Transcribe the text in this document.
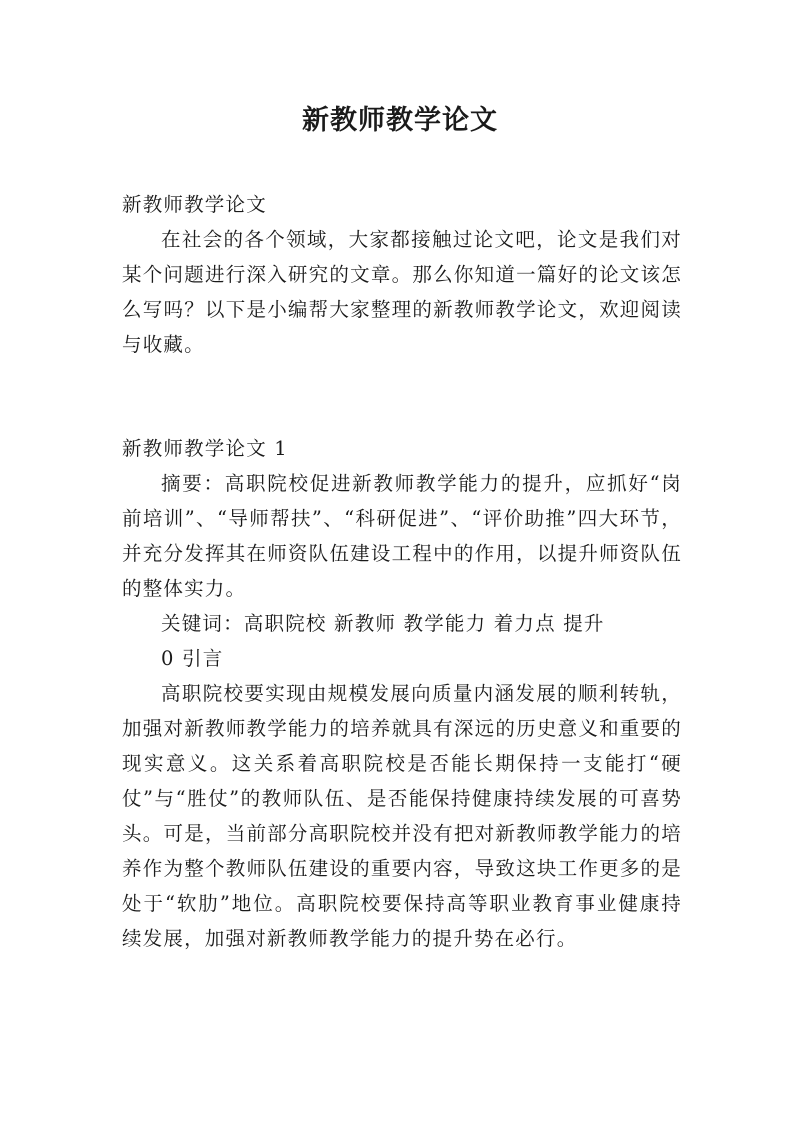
新教师教学论文

新教师教学论文

在社会的各个领域，大家都接触过论文吧，论文是我们对某个问题进行深入研究的文章。那么你知道一篇好的论文该怎么写吗？以下是小编帮大家整理的新教师教学论文，欢迎阅读与收藏。

新教师教学论文 1

摘要：高职院校促进新教师教学能力的提升，应抓好“岗前培训”、“导师帮扶”、“科研促进”、“评价助推”四大环节，并充分发挥其在师资队伍建设工程中的作用，以提升师资队伍的整体实力。

关键词：高职院校 新教师 教学能力 着力点 提升

0 引言

高职院校要实现由规模发展向质量内涵发展的顺利转轨，加强对新教师教学能力的培养就具有深远的历史意义和重要的现实意义。这关系着高职院校是否能长期保持一支能打“硬仗”与“胜仗”的教师队伍、是否能保持健康持续发展的可喜势头。可是，当前部分高职院校并没有把对新教师教学能力的培养作为整个教师队伍建设的重要内容，导致这块工作更多的是处于“软肋”地位。高职院校要保持高等职业教育事业健康持续发展，加强对新教师教学能力的提升势在必行。
